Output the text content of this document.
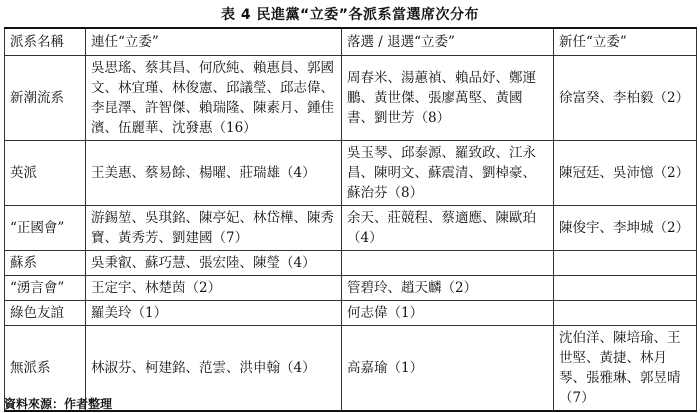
表 4 民進黨“立委”各派系當選席次分布
派系名稱	連任“立委”	落選 / 退選“立委”	新任“立委”
新潮流系	吳思瑤、蔡其昌、何欣純、賴惠員、郭國文、林宜瑾、林俊憲、邱議瑩、邱志偉、李昆澤、許智傑、賴瑞隆、陳素月、鍾佳濱、伍麗華、沈發惠（16）	周春米、湯蕙禎、賴品妤、鄭運鵬、黃世傑、張廖萬堅、黃國書、劉世芳（8）	徐富癸、李柏毅（2）
英派	王美惠、蔡易餘、楊曜、莊瑞雄（4）	吳玉琴、邱泰源、羅致政、江永昌、陳明文、蘇震清、劉棹豪、蘇治芬（8）	陳冠廷、吳沛憶（2）
“正國會”	游錫堃、吳琪銘、陳亭妃、林岱樺、陳秀寶、黃秀芳、劉建國（7）	余天、莊競程、蔡適應、陳歐珀（4）	陳俊宇、李坤城（2）
蘇系	吳秉叡、蘇巧慧、張宏陸、陳瑩（4）		
“湧言會”	王定宇、林楚茵（2）	管碧玲、趙天麟（2）	
綠色友誼	羅美玲（1）	何志偉（1）	
無派系	林淑芬、柯建銘、范雲、洪申翰（4）	高嘉瑜（1）	沈伯洋、陳培瑜、王世堅、黃捷、林月琴、張雅琳、郭昱晴（7）
資料來源：作者整理
